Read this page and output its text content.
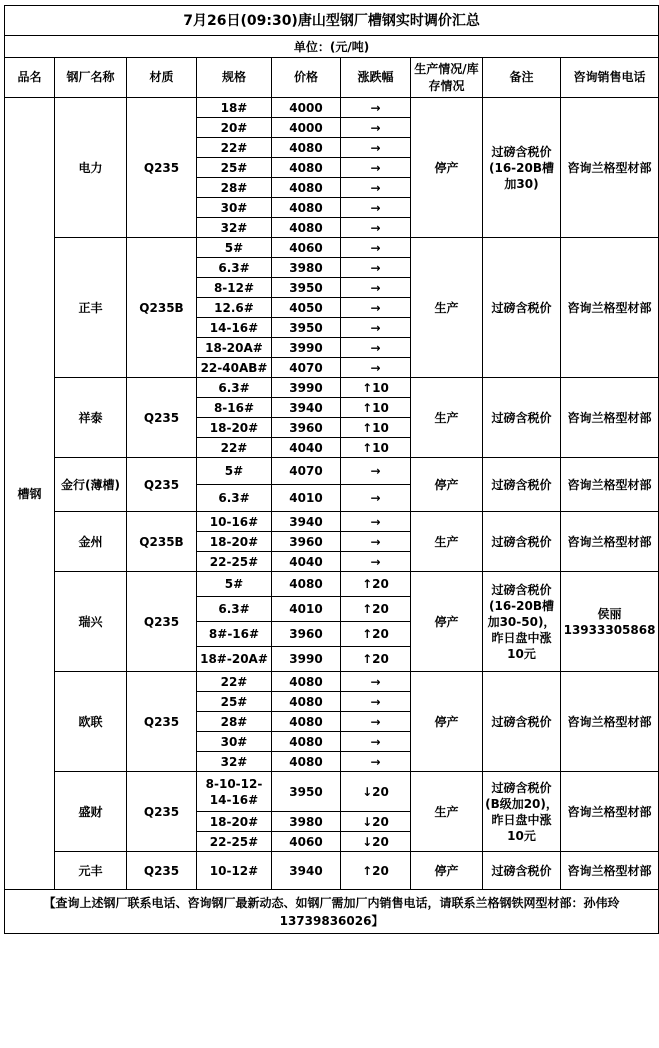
7月26日(09:30)唐山型钢厂槽钢实时调价汇总								
单位：(元/吨)								
品名	钢厂名称	材质	规格	价格	涨跌幅	生产情况/库存情况	备注	咨询销售电话
槽钢	电力	Q235	18#	4000	→	停产	过磅含税价(16-20B槽加30)	咨询兰格型材部
			20#	4000	→			
			22#	4080	→			
			25#	4080	→			
			28#	4080	→			
			30#	4080	→			
			32#	4080	→			
	正丰	Q235B	5#	4060	→	生产	过磅含税价	咨询兰格型材部
			6.3#	3980	→			
			8-12#	3950	→			
			12.6#	4050	→			
			14-16#	3950	→			
			18-20A#	3990	→			
			22-40AB#	4070	→			
	祥泰	Q235	6.3#	3990	↑10	生产	过磅含税价	咨询兰格型材部
			8-16#	3940	↑10			
			18-20#	3960	↑10			
			22#	4040	↑10			
	金行(薄槽)	Q235	5#	4070	→	停产	过磅含税价	咨询兰格型材部
			6.3#	4010	→			
	金州	Q235B	10-16#	3940	→	生产	过磅含税价	咨询兰格型材部
			18-20#	3960	→			
			22-25#	4040	→			
	瑞兴	Q235	5#	4080	↑20	停产	过磅含税价(16-20B槽加30-50)，昨日盘中涨10元	侯丽 13933305868
			6.3#	4010	↑20			
			8#-16#	3960	↑20			
			18#-20A#	3990	↑20			
	欧联	Q235	22#	4080	→	停产	过磅含税价	咨询兰格型材部
			25#	4080	→			
			28#	4080	→			
			30#	4080	→			
			32#	4080	→			
	盛财	Q235	8-10-12-14-16#	3950	↓20	生产	过磅含税价(B级加20)，昨日盘中涨10元	咨询兰格型材部
			18-20#	3980	↓20			
			22-25#	4060	↓20			
	元丰	Q235	10-12#	3940	↑20	停产	过磅含税价	咨询兰格型材部
【查询上述钢厂联系电话、咨询钢厂最新动态、如钢厂需加厂内销售电话，请联系兰格钢铁网型材部：孙伟玲13739836026】								
